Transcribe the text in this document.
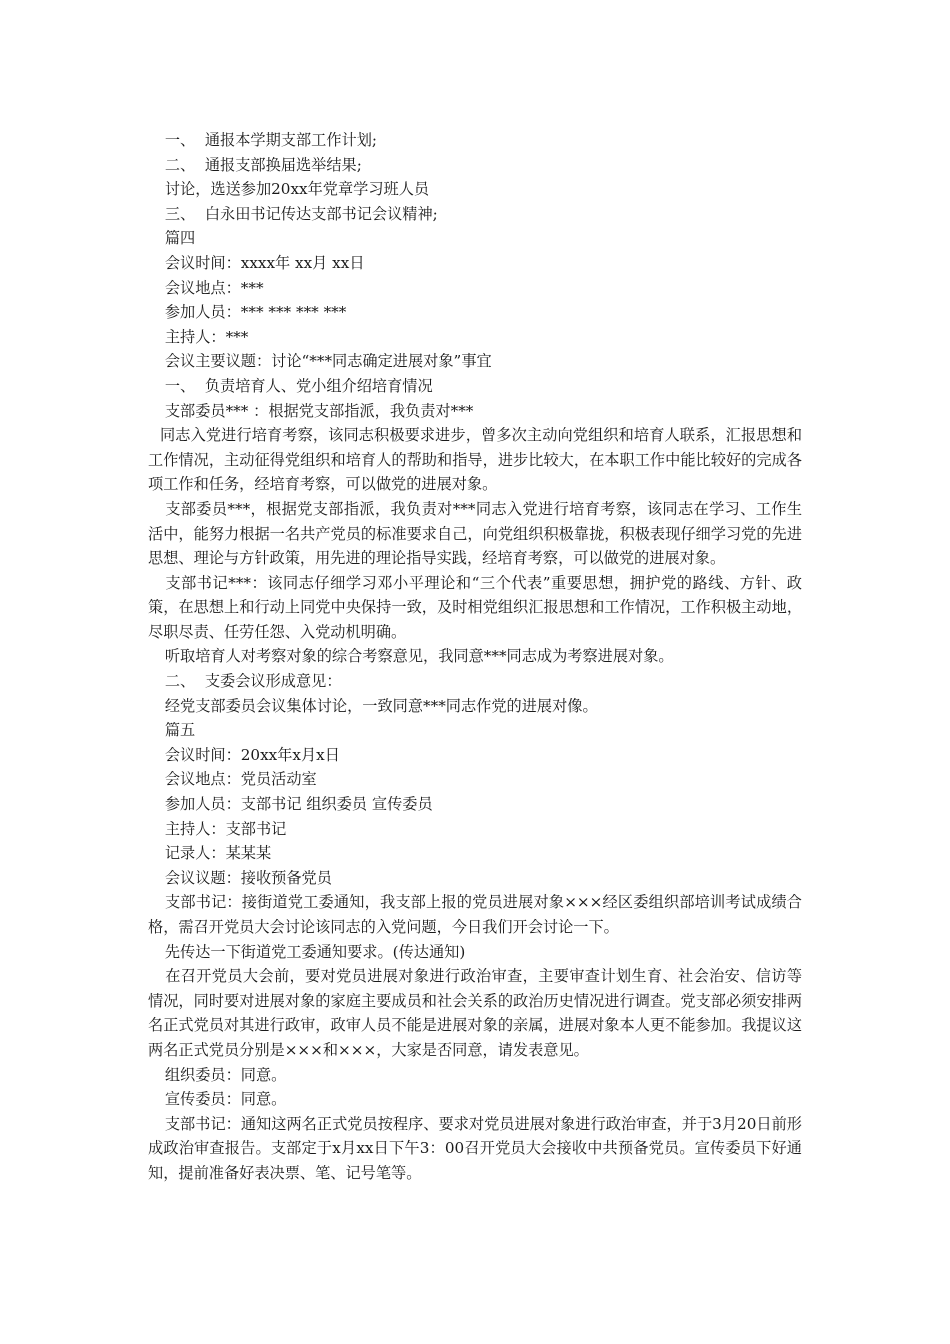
一、  通报本学期支部工作计划;

二、  通报支部换届选举结果;

讨论，选送参加20xx年党章学习班人员

三、  白永田书记传达支部书记会议精神;

篇四

会议时间：xxxx年 xx月 xx日

会议地点：***

参加人员：*** *** *** ***

主持人：***

会议主要议题：讨论“***同志确定进展对象”事宜

一、  负责培育人、党小组介绍培育情况

支部委员*** ：根据党支部指派，我负责对***

同志入党进行培育考察，该同志积极要求进步，曾多次主动向党组织和培育人联系，汇报思想和工作情况，主动征得党组织和培育人的帮助和指导，进步比较大，在本职工作中能比较好的完成各项工作和任务，经培育考察，可以做党的进展对象。

支部委员***，根据党支部指派，我负责对***同志入党进行培育考察，该同志在学习、工作生活中，能努力根据一名共产党员的标准要求自己，向党组织积极靠拢，积极表现仔细学习党的先进思想、理论与方针政策，用先进的理论指导实践，经培育考察，可以做党的进展对象。

支部书记***：该同志仔细学习邓小平理论和“三个代表”重要思想，拥护党的路线、方针、政策，在思想上和行动上同党中央保持一致，及时相党组织汇报思想和工作情况，工作积极主动地，尽职尽责、任劳任怨、入党动机明确。

听取培育人对考察对象的综合考察意见，我同意***同志成为考察进展对象。

二、  支委会议形成意见：

经党支部委员会议集体讨论，一致同意***同志作党的进展对像。

篇五

会议时间：20xx年x月x日

会议地点：党员活动室

参加人员：支部书记 组织委员 宣传委员

主持人：支部书记

记录人：某某某

会议议题：接收预备党员

支部书记：接街道党工委通知，我支部上报的党员进展对象×××经区委组织部培训考试成绩合格，需召开党员大会讨论该同志的入党问题，今日我们开会讨论一下。

先传达一下街道党工委通知要求。(传达通知)

在召开党员大会前，要对党员进展对象进行政治审查，主要审查计划生育、社会治安、信访等情况，同时要对进展对象的家庭主要成员和社会关系的政治历史情况进行调查。党支部必须安排两名正式党员对其进行政审，政审人员不能是进展对象的亲属，进展对象本人更不能参加。我提议这两名正式党员分别是×××和×××，大家是否同意，请发表意见。

组织委员：同意。

宣传委员：同意。

支部书记：通知这两名正式党员按程序、要求对党员进展对象进行政治审查，并于3月20日前形成政治审查报告。支部定于x月xx日下午3：00召开党员大会接收中共预备党员。宣传委员下好通知，提前准备好表决票、笔、记号笔等。
